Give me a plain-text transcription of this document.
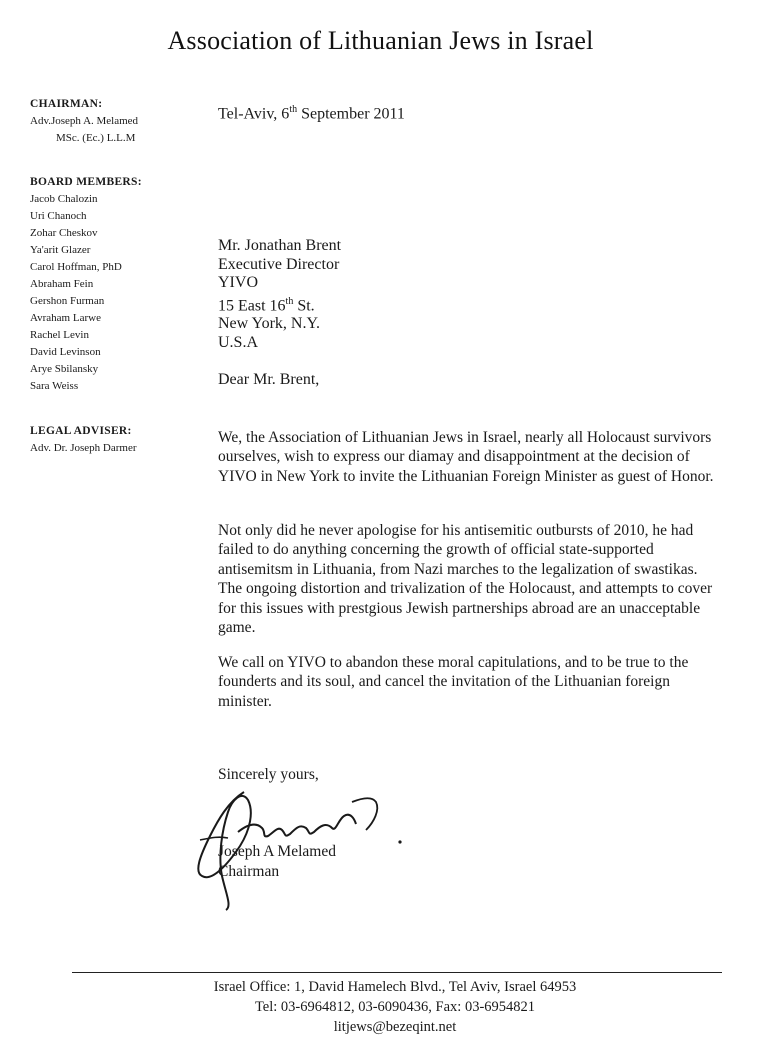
Association of Lithuanian Jews in Israel
CHAIRMAN:
Adv.Joseph A. Melamed
MSc. (Ec.) L.L.M
BOARD MEMBERS:
Jacob Chalozin
Uri Chanoch
Zohar Cheskov
Ya'arit Glazer
Carol Hoffman, PhD
Abraham Fein
Gershon Furman
Avraham Larwe
Rachel Levin
David Levinson
Arye Sbilansky
Sara Weiss
LEGAL ADVISER:
Adv. Dr. Joseph Darmer
Tel-Aviv, 6th September 2011
Mr. Jonathan Brent
Executive Director
YIVO
15 East 16th St.
New York, N.Y.
U.S.A
Dear Mr. Brent,
We, the Association of Lithuanian Jews in Israel, nearly all Holocaust survivors ourselves, wish to express our diamay and disappointment at the decision of YIVO in New York to invite the Lithuanian Foreign Minister as guest of Honor.
Not only did he never apologise for his antisemitic outbursts of 2010, he had failed to do anything concerning the growth of official state-supported antisemitsm in Lithuania, from Nazi marches to the legalization of swastikas. The ongoing distortion and trivalization of the Holocaust, and attempts to cover for this issues with prestgious Jewish partnerships abroad are an unacceptable game.
We call on YIVO to abandon these moral capitulations, and to be true to the founderts and its soul, and cancel the invitation of the Lithuanian foreign minister.
Sincerely yours,
Joseph A Melamed
Chairman
Israel Office: 1, David Hamelech Blvd., Tel Aviv, Israel 64953
Tel: 03-6964812, 03-6090436, Fax: 03-6954821
litjews@bezeqint.net
